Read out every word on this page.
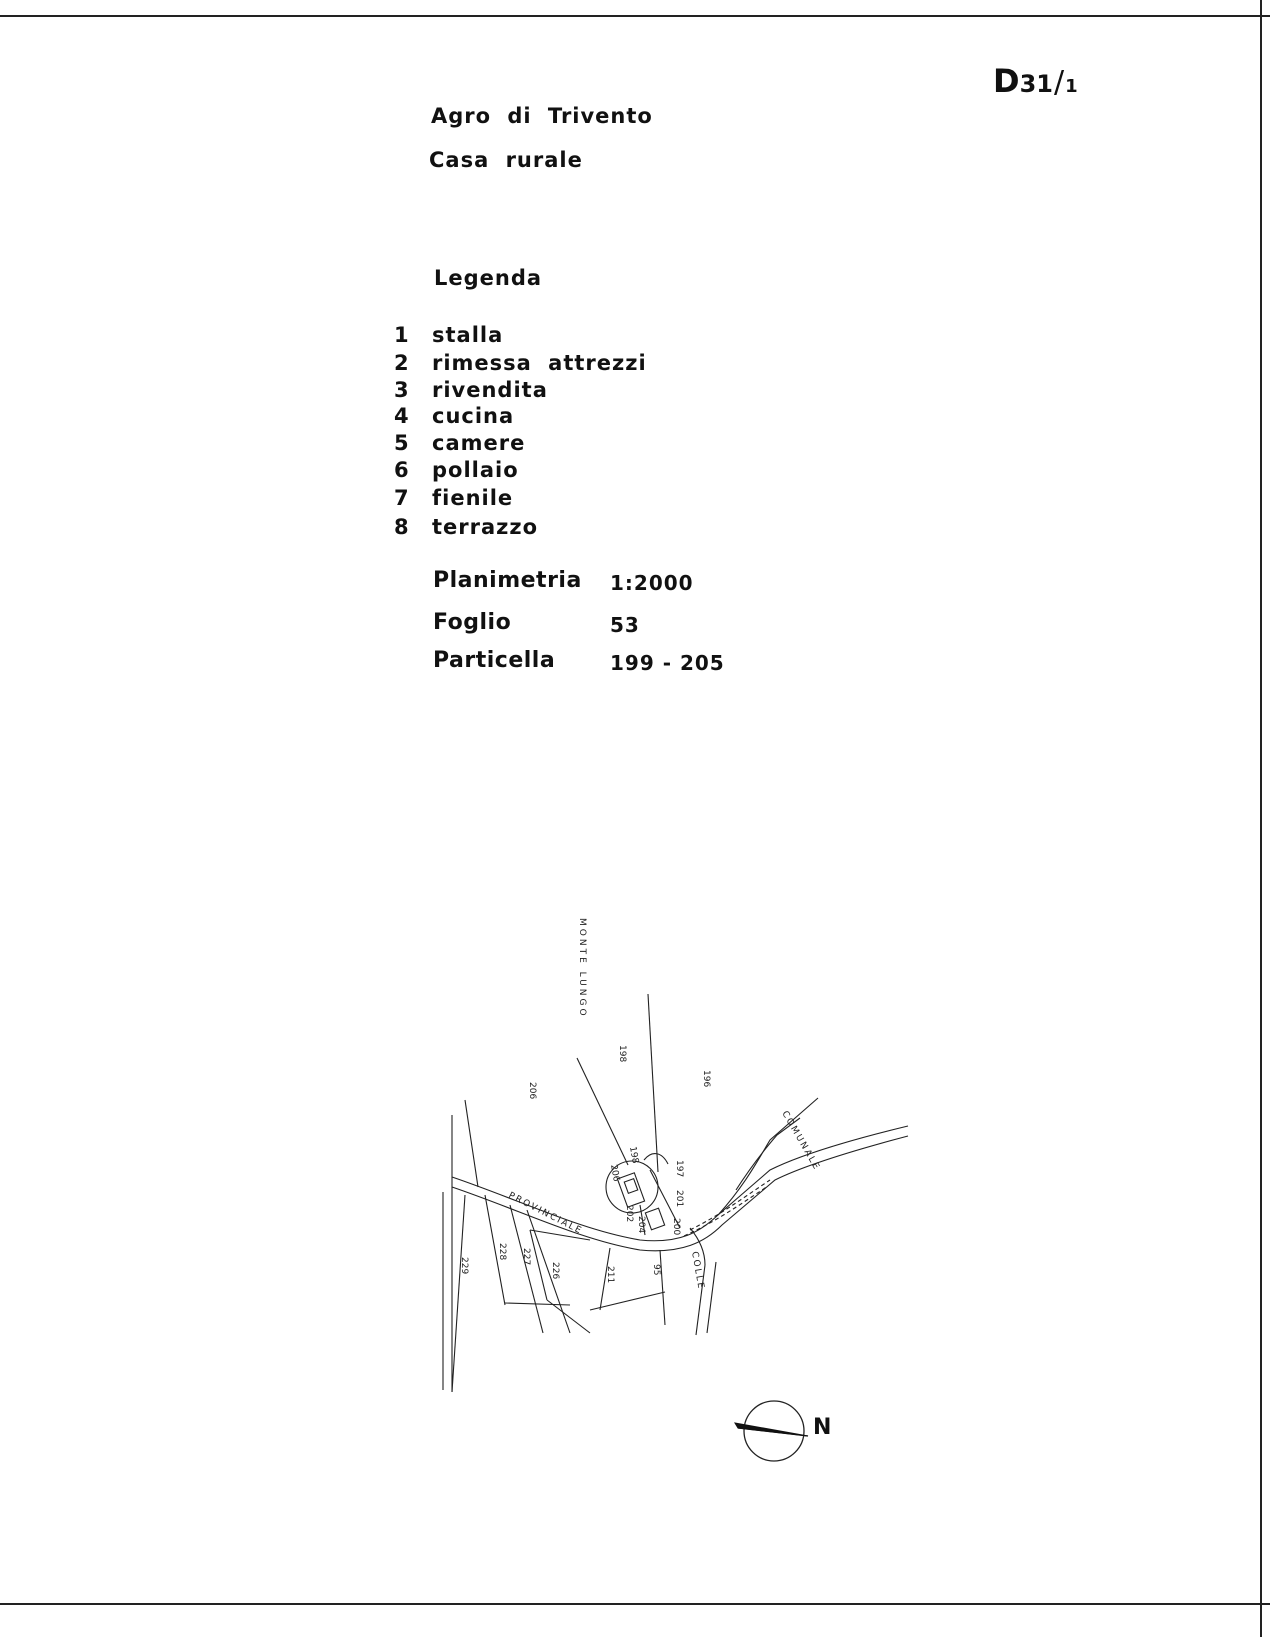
D31/1
Agro di Trivento
Casa rurale
Legenda
1 stalla
2 rimessa attrezzi
3 rivendita
4 cucina
5 camere
6 pollaio
7 fienile
8 terrazzo
Planimetria 1:2000
Foglio	53
Particella	199 - 205
MONTE LUNGO
198
196
206
198
206	197
201
200
202
204
PROVINCIALE
COMUNALE
COLLE
229
228 227
226	211	95
N
